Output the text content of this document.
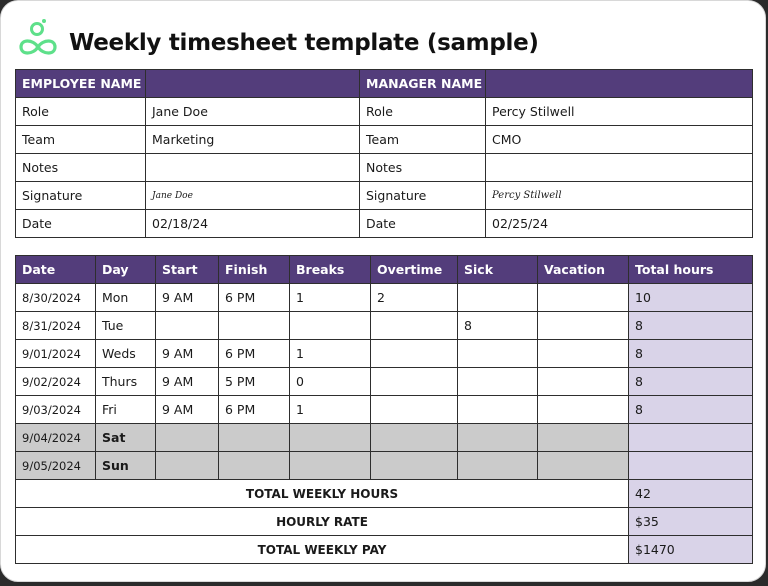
Weekly timesheet template (sample)
EMPLOYEE NAME		MANAGER NAME	
Role	Jane Doe	Role	Percy Stilwell
Team	Marketing	Team	CMO
Notes		Notes	
Signature	Jane Doe	Signature	Percy Stilwell
Date	02/18/24	Date	02/25/24
Date	Day	Start	Finish	Breaks	Overtime	Sick	Vacation	Total hours
8/30/2024	Mon	9 AM	6 PM	1	2			10
8/31/2024	Tue					8		8
9/01/2024	Weds	9 AM	6 PM	1				8
9/02/2024	Thurs	9 AM	5 PM	0				8
9/03/2024	Fri	9 AM	6 PM	1				8
9/04/2024	Sat							
9/05/2024	Sun							
TOTAL WEEKLY HOURS								42
HOURLY RATE								$35
TOTAL WEEKLY PAY								$1470
